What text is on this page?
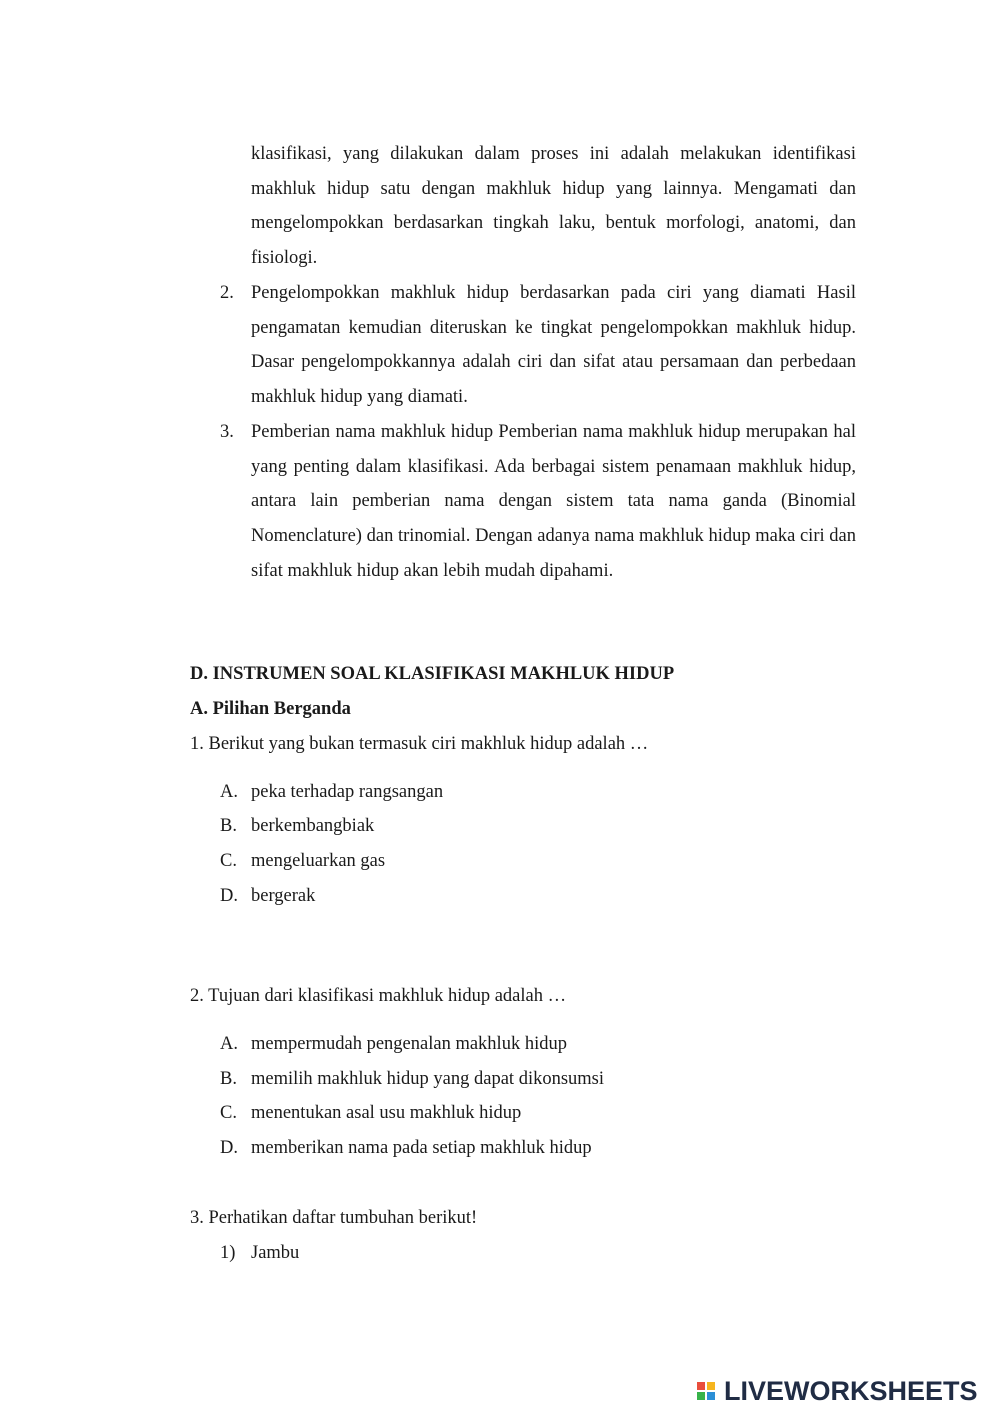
klasifikasi, yang dilakukan dalam proses ini adalah melakukan identifikasi makhluk hidup satu dengan makhluk hidup yang lainnya. Mengamati dan mengelompokkan berdasarkan tingkah laku, bentuk morfologi, anatomi, dan fisiologi.
2. Pengelompokkan makhluk hidup berdasarkan pada ciri yang diamati Hasil pengamatan kemudian diteruskan ke tingkat pengelompokkan makhluk hidup. Dasar pengelompokkannya adalah ciri dan sifat atau persamaan dan perbedaan makhluk hidup yang diamati.
3. Pemberian nama makhluk hidup Pemberian nama makhluk hidup merupakan hal yang penting dalam klasifikasi. Ada berbagai sistem penamaan makhluk hidup, antara lain pemberian nama dengan sistem tata nama ganda (Binomial Nomenclature) dan trinomial. Dengan adanya nama makhluk hidup maka ciri dan sifat makhluk hidup akan lebih mudah dipahami.
D. INSTRUMEN SOAL KLASIFIKASI MAKHLUK HIDUP
A. Pilihan Berganda
1. Berikut yang bukan termasuk ciri makhluk hidup adalah …
A. peka terhadap rangsangan
B. berkembangbiak
C. mengeluarkan gas
D. bergerak
2. Tujuan dari klasifikasi makhluk hidup adalah …
A. mempermudah pengenalan makhluk hidup
B. memilih makhluk hidup yang dapat dikonsumsi
C. menentukan asal usu makhluk hidup
D. memberikan nama pada setiap makhluk hidup
3. Perhatikan daftar tumbuhan berikut!
1) Jambu
LIVEWORKSHEETS
